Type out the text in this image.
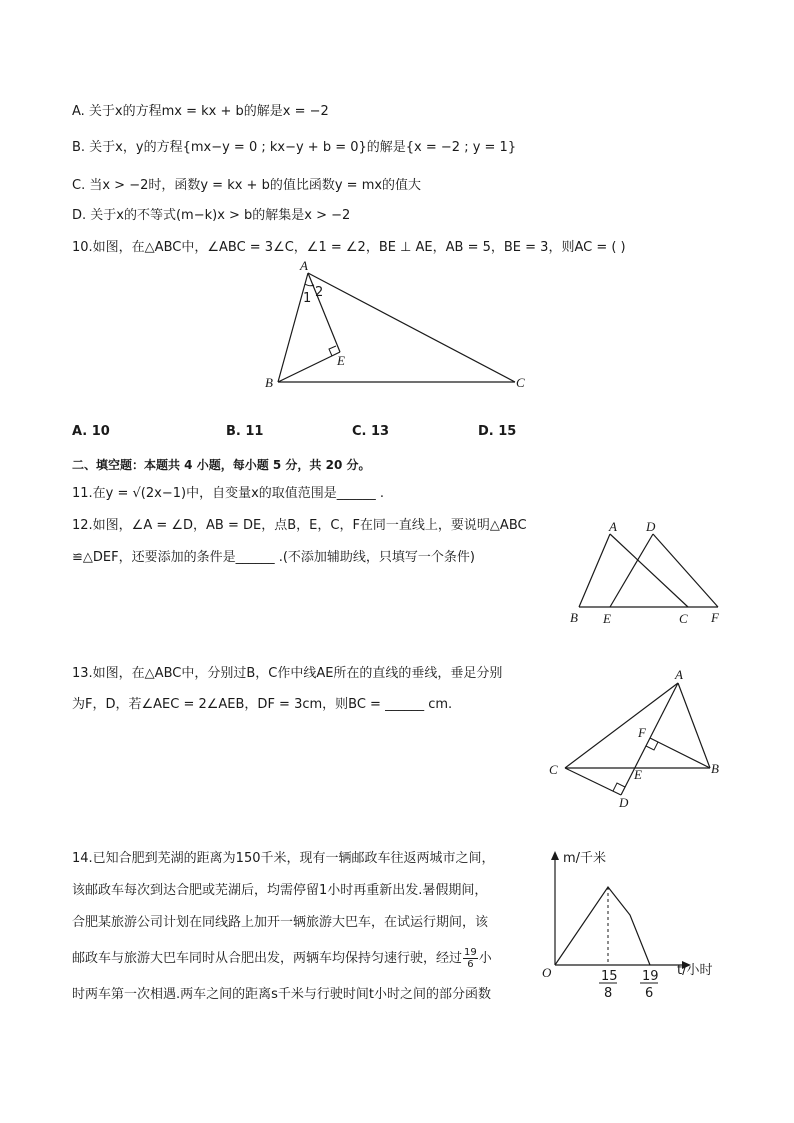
A. 关于x的方程mx = kx + b的解是x = −2
B. 关于x，y的方程{mx−y = 0 ; kx−y + b = 0}的解是{x = −2 ; y = 1}
C. 当x > −2时，函数y = kx + b的值比函数y = mx的值大
D. 关于x的不等式(m−k)x > b的解集是x > −2
10.如图，在△ABC中，∠ABC = 3∠C，∠1 = ∠2，BE ⊥ AE，AB = 5，BE = 3，则AC = ( )
A
B	C
E
1 2
A. 10	B. 11	C. 13	D. 15
二、填空题：本题共 4 小题，每小题 5 分，共 20 分。
11.在y = √(2x−1)中，自变量x的取值范围是______ .
12.如图，∠A = ∠D，AB = DE，点B，E，C，F在同一直线上，要说明△ABC
≌△DEF，还要添加的条件是______ .(不添加辅助线，只填写一个条件)
A D
B E	C F
13.如图，在△ABC中，分别过B，C作中线AE所在的直线的垂线，垂足分别
为F，D，若∠AEC = 2∠AEB，DF = 3cm，则BC = ______ cm.
A
F
C	E	B
D
14.已知合肥到芜湖的距离为150千米，现有一辆邮政车往返两城市之间，
该邮政车每次到达合肥或芜湖后，均需停留1小时再重新出发.暑假期间，
合肥某旅游公司计划在同线路上加开一辆旅游大巴车，在试运行期间，该
邮政车与旅游大巴车同时从合肥出发，两辆车均保持匀速行驶，经过 $\frac{19}{6}$ 小
时两车第一次相遇.两车之间的距离s千米与行驶时间t小时之间的部分函数
m/千米
t/小时
O	15
8
19
6
